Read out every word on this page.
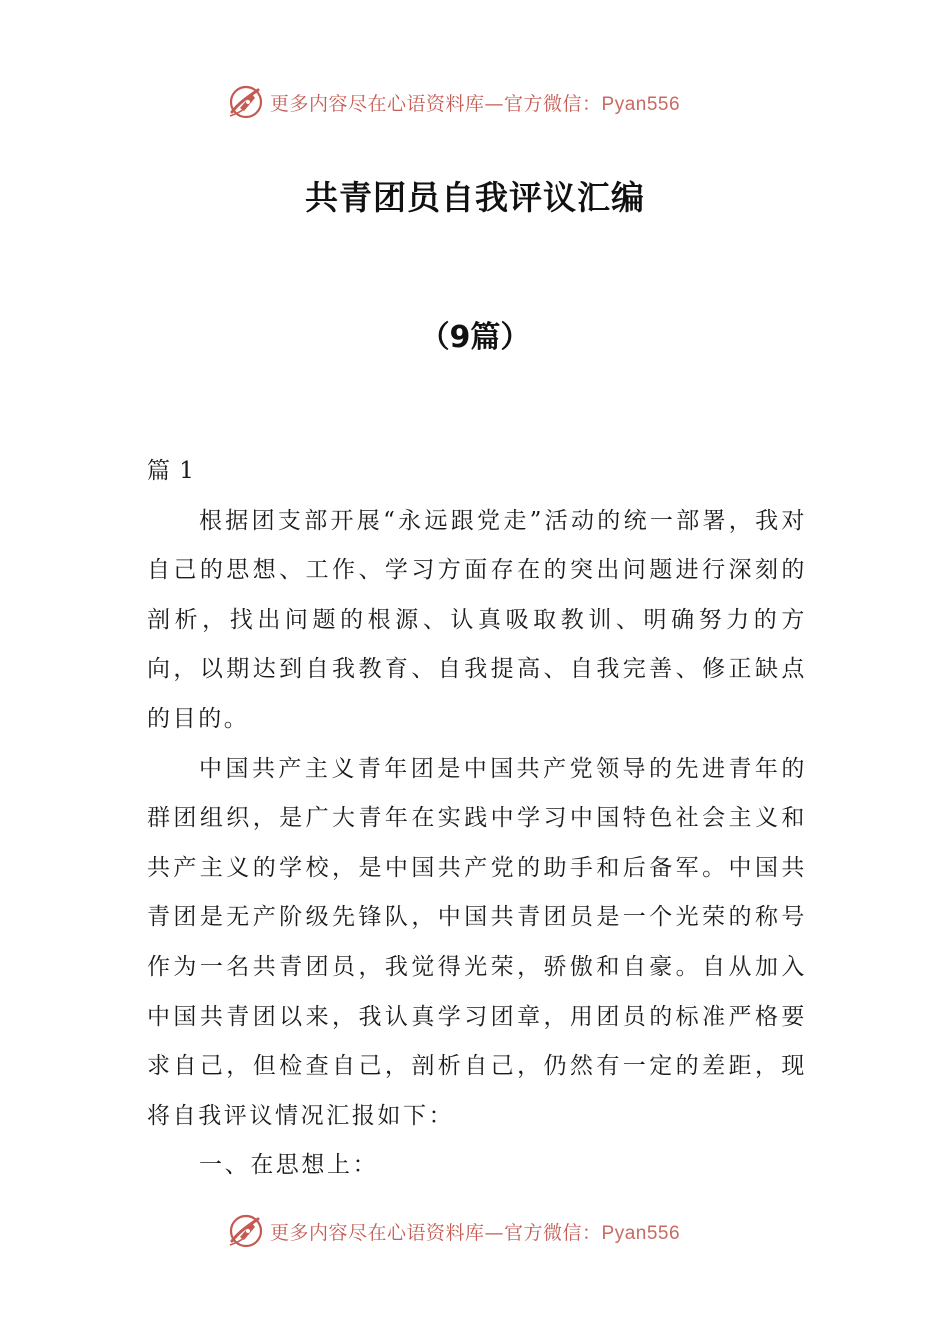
更多内容尽在心语资料库—官方微信：Pyan556
共青团员自我评议汇编
（9篇）

篇 1

根据团支部开展“永远跟党走”活动的统一部署，我对自己的思想、工作、学习方面存在的突出问题进行深刻的剖析，找出问题的根源、认真吸取教训、明确努力的方向，以期达到自我教育、自我提高、自我完善、修正缺点的目的。

中国共产主义青年团是中国共产党领导的先进青年的群团组织，是广大青年在实践中学习中国特色社会主义和共产主义的学校，是中国共产党的助手和后备军。中国共青团是无产阶级先锋队，中国共青团员是一个光荣的称号作为一名共青团员，我觉得光荣，骄傲和自豪。自从加入中国共青团以来，我认真学习团章，用团员的标准严格要求自己，但检查自己，剖析自己，仍然有一定的差距，现将自我评议情况汇报如下：

一、在思想上：

更多内容尽在心语资料库—官方微信：Pyan556
